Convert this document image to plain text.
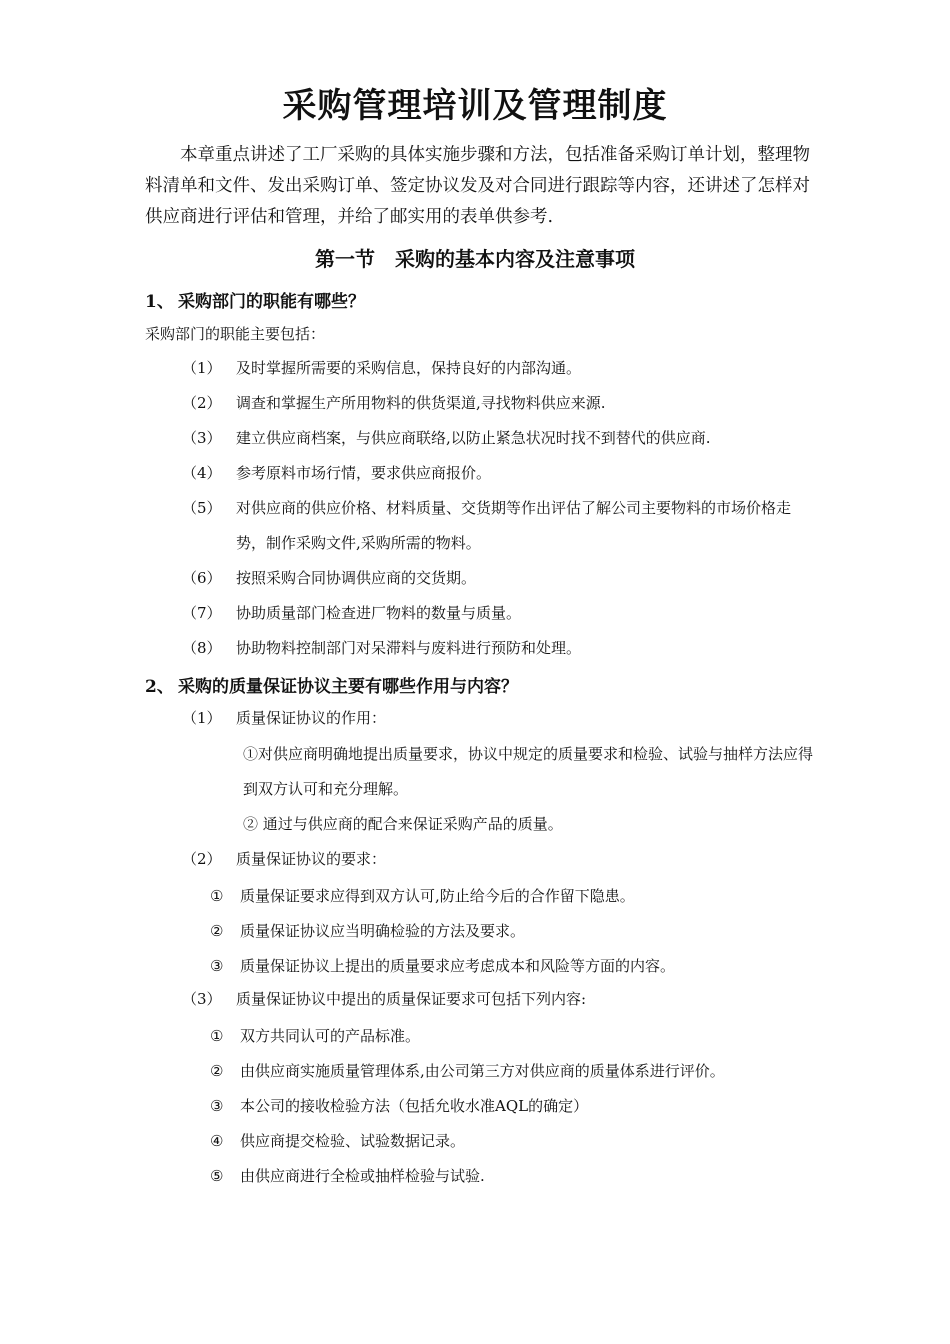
采购管理培训及管理制度

本章重点讲述了工厂采购的具体实施步骤和方法，包括准备采购订单计划，整理物料清单和文件、发出采购订单、签定协议发及对合同进行跟踪等内容，还讲述了怎样对供应商进行评估和管理，并给了邮实用的表单供参考.

第一节　采购的基本内容及注意事项
1、 采购部门的职能有哪些？
采购部门的职能主要包括：
（1） 及时掌握所需要的采购信息，保持良好的内部沟通。
（2） 调查和掌握生产所用物料的供货渠道,寻找物料供应来源.
（3） 建立供应商档案，与供应商联络,以防止紧急状况时找不到替代的供应商.
（4） 参考原料市场行情，要求供应商报价。
（5） 对供应商的供应价格、材料质量、交货期等作出评估了解公司主要物料的市场价格走势，制作采购文件,采购所需的物料。
（6） 按照采购合同协调供应商的交货期。
（7） 协助质量部门检查进厂物料的数量与质量。
（8） 协助物料控制部门对呆滞料与废料进行预防和处理。
2、 采购的质量保证协议主要有哪些作用与内容？
（1） 质量保证协议的作用：
①对供应商明确地提出质量要求，协议中规定的质量要求和检验、试验与抽样方法应得到双方认可和充分理解。
② 通过与供应商的配合来保证采购产品的质量。
（2） 质量保证协议的要求：
① 质量保证要求应得到双方认可,防止给今后的合作留下隐患。
② 质量保证协议应当明确检验的方法及要求。
③ 质量保证协议上提出的质量要求应考虑成本和风险等方面的内容。
（3） 质量保证协议中提出的质量保证要求可包括下列内容:
① 双方共同认可的产品标准。
② 由供应商实施质量管理体系,由公司第三方对供应商的质量体系进行评价。
③ 本公司的接收检验方法（包括允收水准AQL的确定）
④ 供应商提交检验、试验数据记录。
⑤ 由供应商进行全检或抽样检验与试验.
